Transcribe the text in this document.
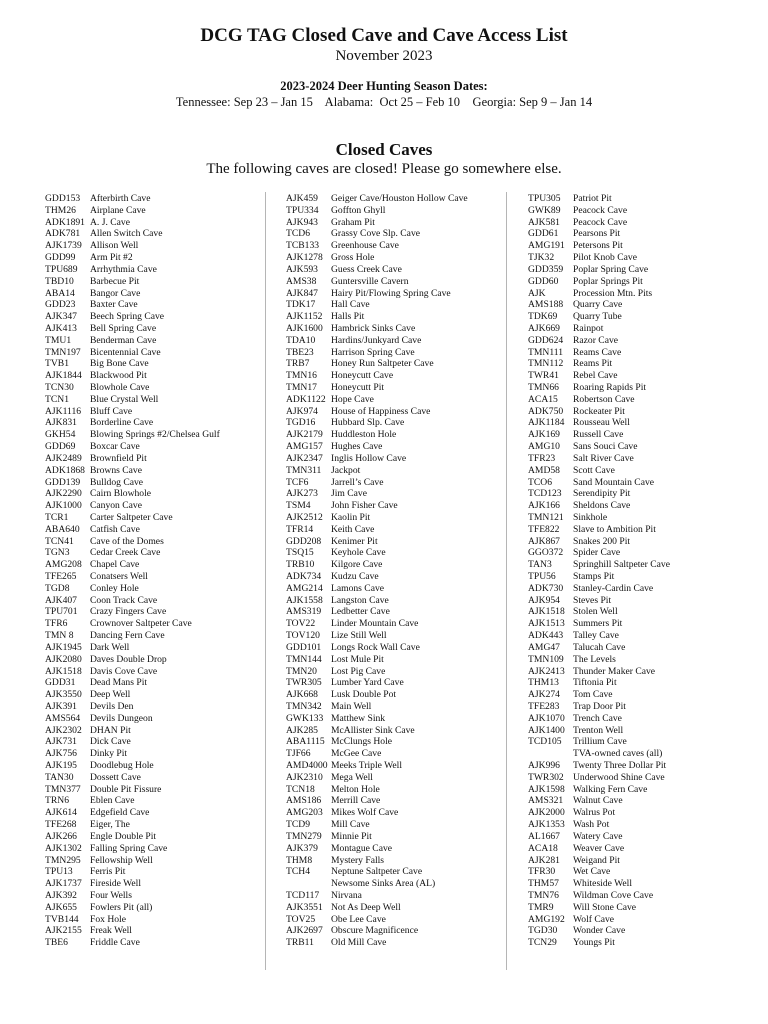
DCG TAG Closed Cave and Cave Access List
November 2023
2023-2024 Deer Hunting Season Dates:
Tennessee: Sep 23 – Jan 15    Alabama:  Oct 25 – Feb 10    Georgia: Sep 9 – Jan 14
Closed Caves
The following caves are closed! Please go somewhere else.
GDD153	Afterbirth Cave
THM26	Airplane Cave
ADK1891 A. J. Cave
ADK781	Allen Switch Cave
AJK1739 Allison Well
GDD99	Arm Pit #2
TPU689	Arrhythmia Cave
TBD10	Barbecue Pit
ABA14	Bangor Cave
GDD23	Baxter Cave
AJK347	Beech Spring Cave
AJK413	Bell Spring Cave
TMU1	Benderman Cave
TMN197 Bicentennial Cave
TVB1	Big Bone Cave
AJK1844 Blackwood Pit
TCN30	Blowhole Cave
TCN1	Blue Crystal Well
AJK1116 Bluff Cave
AJK831	Borderline Cave
GKH54	Blowing Springs #2/Chelsea Gulf
GDD69	Boxcar Cave
AJK2489 Brownfield Pit
ADK1868 Browns Cave
GDD139	Bulldog Cave
AJK2290 Cairn Blowhole
AJK1000 Canyon Cave
TCR1	Carter Saltpeter Cave
ABA640	Catfish Cave
TCN41	Cave of the Domes
TGN3	Cedar Creek Cave
AMG208 Chapel Cave
TFE265	Conatsers Well
TGD8	Conley Hole
AJK407	Coon Track Cave
TPU701	Crazy Fingers Cave
TFR6	Crownover Saltpeter Cave
TMN 8	Dancing Fern Cave
AJK1945 Dark Well
AJK2080 Daves Double Drop
AJK1518 Davis Cove Cave
GDD31	Dead Mans Pit
AJK3550 Deep Well
AJK391	Devils Den
AMS564	Devils Dungeon
AJK2302 DHAN Pit
AJK731	Dick Cave
AJK756	Dinky Pit
AJK195	Doodlebug Hole
TAN30	Dossett Cave
TMN377 Double Pit Fissure
TRN6	Eblen Cave
AJK614	Edgefield Cave
TFE268	Eiger, The
AJK266	Engle Double Pit
AJK1302 Falling Spring Cave
TMN295 Fellowship Well
TPU13	Ferris Pit
AJK1737 Fireside Well
AJK392	Four Wells
AJK655	Fowlers Pit (all)
TVB144	Fox Hole
AJK2155 Freak Well
TBE6	Friddle Cave
AJK459	Geiger Cave/Houston Hollow Cave
TPU334	Goffton Ghyll
AJK943	Graham Pit
TCD6	Grassy Cove Slp. Cave
TCB133	Greenhouse Cave
AJK1278 Gross Hole
AJK593	Guess Creek Cave
AMS38	Guntersville Cavern
AJK847	Hairy Pit/Flowing Spring Cave
TDK17	Hall Cave
AJK1152 Halls Pit
AJK1600 Hambrick Sinks Cave
TDA10	Hardins/Junkyard Cave
TBE23	Harrison Spring Cave
TRB7	Honey Run Saltpeter Cave
TMN16	Honeycutt Cave
TMN17	Honeycutt Pit
ADK1122 Hope Cave
AJK974	House of Happiness Cave
TGD16	Hubbard Slp. Cave
AJK2179 Huddleston Hole
AMG157 Hughes Cave
AJK2347 Inglis Hollow Cave
TMN311	Jackpot
TCF6	Jarrell’s Cave
AJK273	Jim Cave
TSM4	John Fisher Cave
AJK2512 Kaolin Pit
TFR14	Keith Cave
GDD208	Kenimer Pit
TSQ15	Keyhole Cave
TRB10	Kilgore Cave
ADK734	Kudzu Cave
AMG214 Lamons Cave
AJK1558 Langston Cave
AMS319	Ledbetter Cave
TOV22	Linder Mountain Cave
TOV120	Lize Still Well
GDD101	Longs Rock Wall Cave
TMN144 Lost Mule Pit
TMN20	Lost Pig Cave
TWR305 Lumber Yard Cave
AJK668	Lusk Double Pot
TMN342 Main Well
GWK133 Matthew Sink
AJK285	McAllister Sink Cave
ABA1115 McClungs Hole
TJF66	McGee Cave
AMD4000 Meeks Triple Well
AJK2310 Mega Well
TCN18	Melton Hole
AMS186	Merrill Cave
AMG203 Mikes Wolf Cave
TCD9	Mill Cave
TMN279 Minnie Pit
AJK379	Montague Cave
THM8	Mystery Falls
TCH4	Neptune Saltpeter Cave
Newsome Sinks Area (AL)
TCD117	Nirvana
AJK3551 Not As Deep Well
TOV25	Obe Lee Cave
AJK2697 Obscure Magnificence
TRB11	Old Mill Cave
TPU305	Patriot Pit
GWK89	Peacock Cave
AJK581	Peacock Cave
GDD61	Pearsons Pit
AMG191 Petersons Pit
TJK32	Pilot Knob Cave
GDD359	Poplar Spring Cave
GDD60	Poplar Springs Pit
AJK	Procession Mtn. Pits
AMS188	Quarry Cave
TDK69	Quarry Tube
AJK669	Rainpot
GDD624	Razor Cave
TMN111	Reams Cave
TMN112	Reams Pit
TWR41	Rebel Cave
TMN66	Roaring Rapids Pit
ACA15	Robertson Cave
ADK750	Rockeater Pit
AJK1184 Rousseau Well
AJK169	Russell Cave
AMG10	Sans Souci Cave
TFR23	Salt River Cave
AMD58	Scott Cave
TCO6	Sand Mountain Cave
TCD123	Serendipity Pit
AJK166	Sheldons Cave
TMN121 Sinkhole
TFE822	Slave to Ambition Pit
AJK867	Snakes 200 Pit
GGO372	Spider Cave
TAN3	Springhill Saltpeter Cave
TPU56	Stamps Pit
ADK730	Stanley-Cardin Cave
AJK954	Steves Pit
AJK1518 Stolen Well
AJK1513 Summers Pit
ADK443	Talley Cave
AMG47	Talucah Cave
TMN109 The Levels
AJK2413 Thunder Maker Cave
THM13	Tiftonia Pit
AJK274	Tom Cave
TFE283	Trap Door Pit
AJK1070 Trench Cave
AJK1400 Trenton Well
TCD105	Trillium Cave
TVA-owned caves (all)
AJK996	Twenty Three Dollar Pit
TWR302 Underwood Shine Cave
AJK1598 Walking Fern Cave
AMS321	Walnut Cave
AJK2000 Walrus Pot
AJK1353 Wash Pot
AL1667	Watery Cave
ACA18	Weaver Cave
AJK281	Weigand Pit
TFR30	Wet Cave
THM57	Whiteside Well
TMN76	Wildman Cove Cave
TMR9	Will Stone Cave
AMG192 Wolf Cave
TGD30	Wonder Cave
TCN29	Youngs Pit
